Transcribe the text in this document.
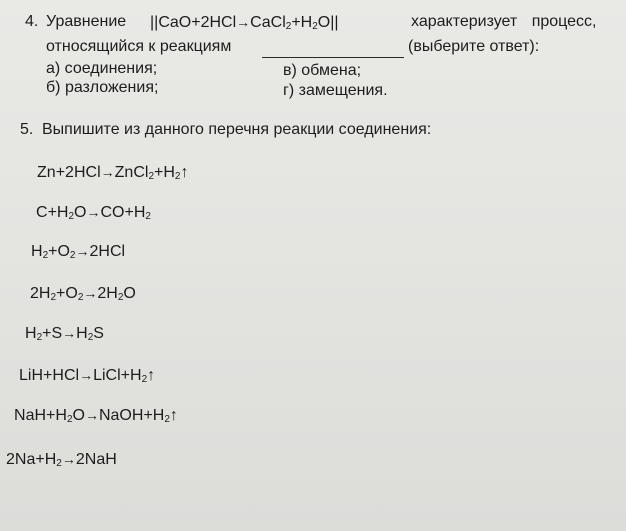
4. Уравнение $||CaO+2HCl\to CaCl_2+H_2O||$	характеризует процесс,
относящийся к реакциям	(выберите ответ):
а) соединения;	в) обмена;
б) разложения;	г) замещения.
5. Выпишите из данного перечня реакции соединения:
$Zn+2HCl\to ZnCl_2+H_2↑$
$C+H_2O\to CO+H_2$
$H_2+O_2\to 2HCl$
$2H_2+O_2\to 2H_2O$
$H_2+S\to H_2S$
$LiH+HCl\to LiCl+H_2↑$
$NaH+H_2O\to NaOH+H_2↑$
$2Na+H_2\to 2NaH$
